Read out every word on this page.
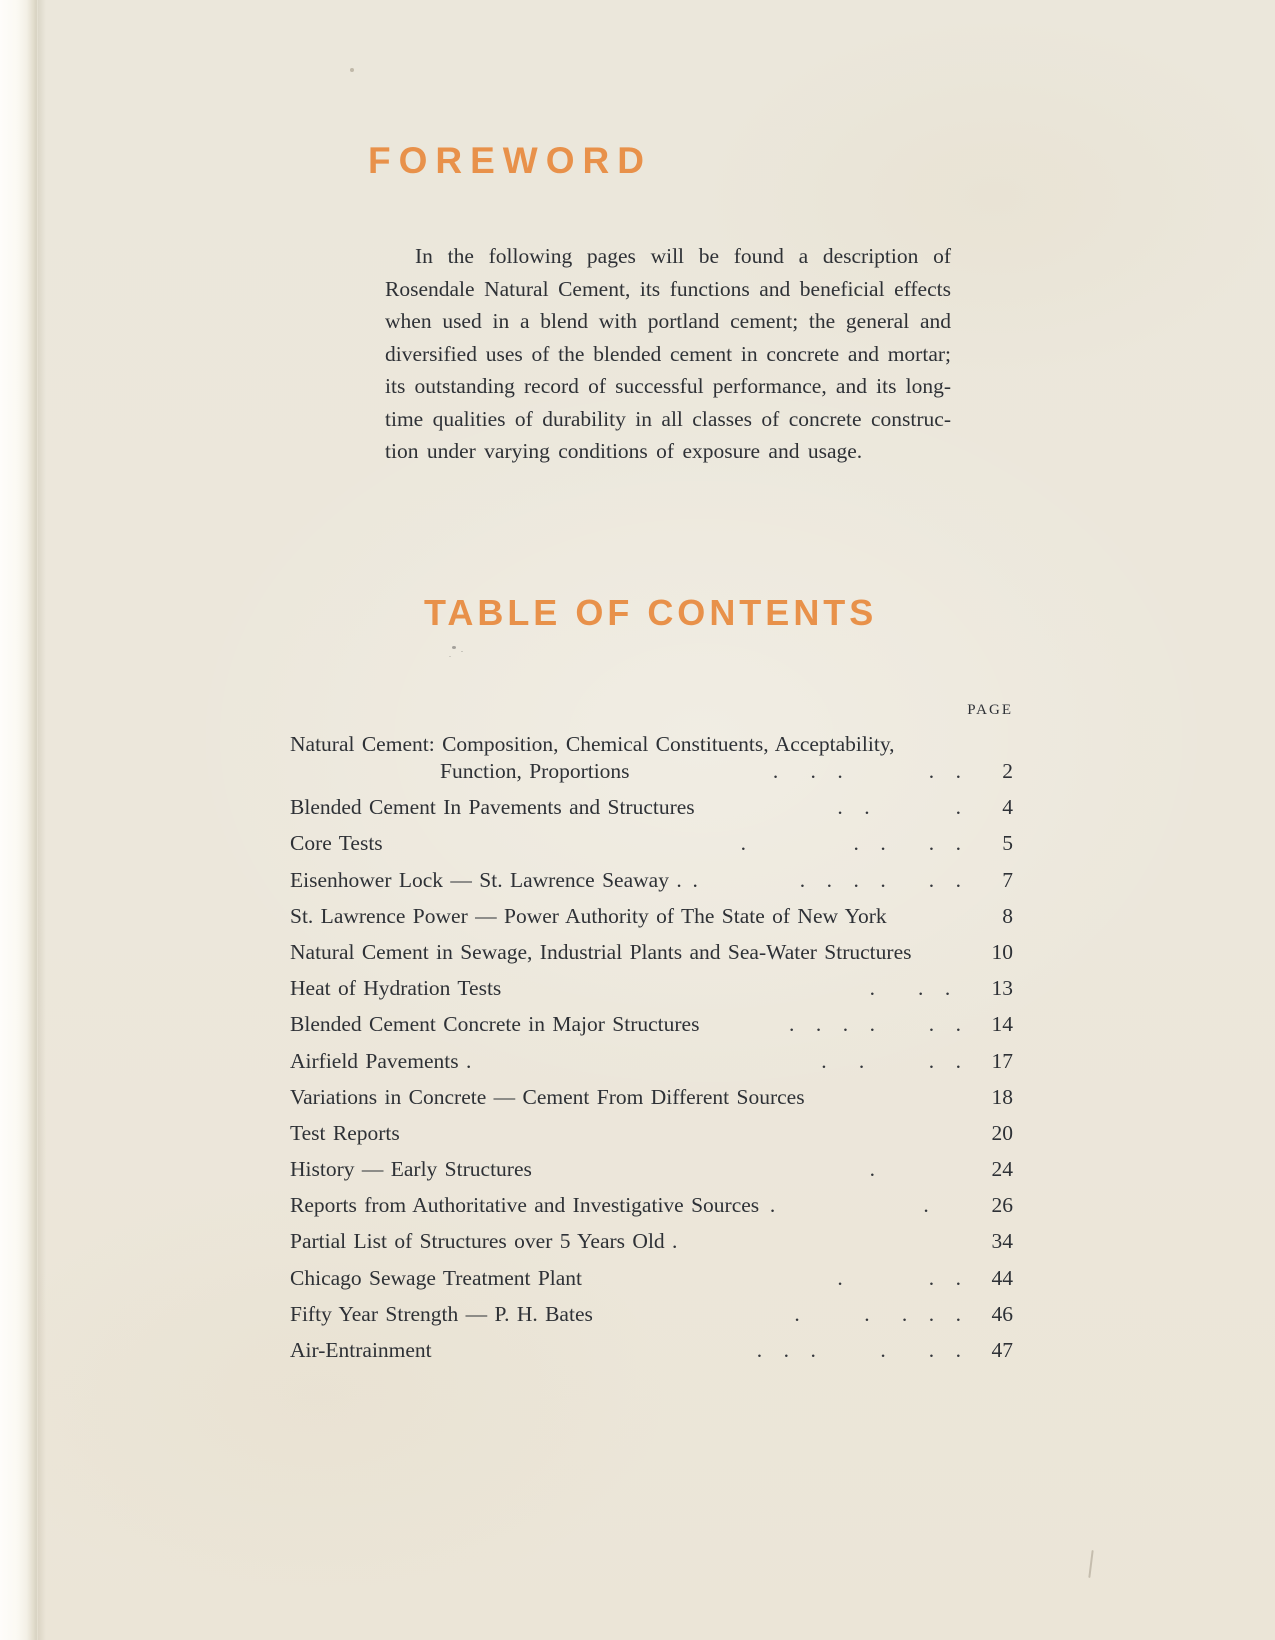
FOREWORD
In the following pages will be found a description of
Rosendale Natural Cement, its functions and beneficial effects
when used in a blend with portland cement; the general and
diversified uses of the blended cement in concrete and mortar;
its outstanding record of successful performance, and its long-
time qualities of durability in all classes of concrete construc-
tion under varying conditions of exposure and usage.
TABLE OF CONTENTS
PAGE
Natural Cement: Composition, Chemical Constituents, Acceptability,
Function, Proportions	.  .  .    .  .	2
Blended Cement In Pavements and Structures	.  .    .	4
Core Tests	.     .  .  .  .	5
Eisenhower Lock — St. Lawrence Seaway . .	.  .  .  .  .  .	7
St. Lawrence Power — Power Authority of The State of New York	8
Natural Cement in Sewage, Industrial Plants and Sea-Water Structures	10
Heat of Hydration Tests	.  .  . 	13
Blended Cement Concrete in Major Structures	.  .  .  .   .  .	14
Airfield Pavements .	.  .   .  .	17
Variations in Concrete — Cement From Different Sources	18
Test Reports	20
History — Early Structures	.    	24
Reports from Authoritative and Investigative Sources .	.  	26
Partial List of Structures over 5 Years Old .	34
Chicago Sewage Treatment Plant	.    .  .	44
Fifty Year Strength — P. H. Bates	.   .  .  .  .	46
Air-Entrainment	.  .  .   .  .  .	47
